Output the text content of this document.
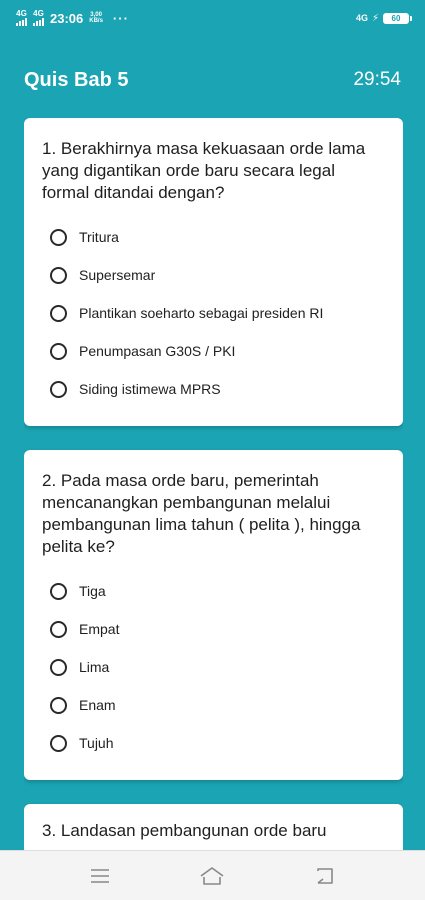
4G 4G 23:06 3,00
KB/s ···	4G ⚡ 60
Quis Bab 5	29:54

1. Berakhirnya masa kekuasaan orde lama yang digantikan orde baru secara legal formal ditandai dengan?

Tritura
Supersemar
Plantikan soeharto sebagai presiden RI
Penumpasan G30S / PKI
Siding istimewa MPRS

2. Pada masa orde baru, pemerintah mencanangkan pembangunan melalui pembangunan lima tahun ( pelita ), hingga pelita ke?

Tiga
Empat
Lima
Enam
Tujuh

3. Landasan pembangunan orde baru
